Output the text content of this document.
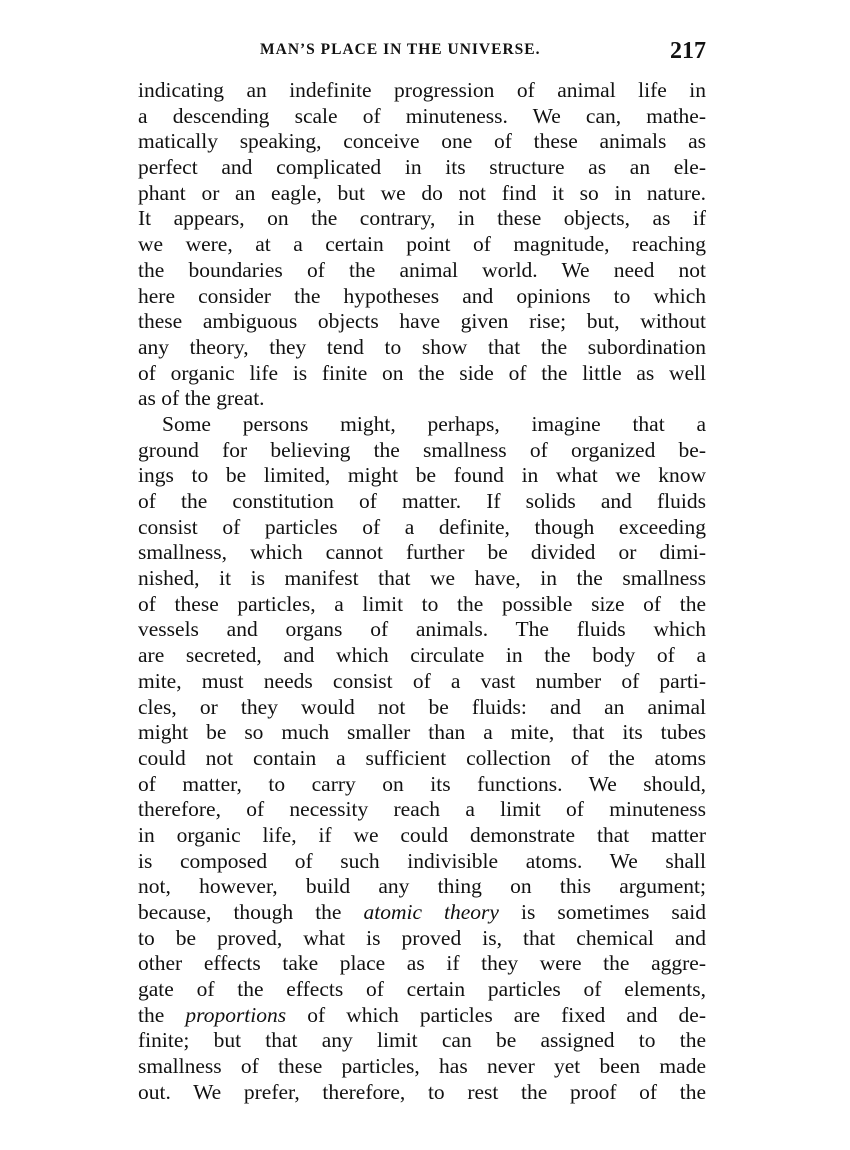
MAN’S PLACE IN THE UNIVERSE.	217
indicating an indefinite progression of animal life in
a descending scale of minuteness. We can, mathe-
matically speaking, conceive one of these animals as
perfect and complicated in its structure as an ele-
phant or an eagle, but we do not find it so in nature.
It appears, on the contrary, in these objects, as if
we were, at a certain point of magnitude, reaching
the boundaries of the animal world. We need not
here consider the hypotheses and opinions to which
these ambiguous objects have given rise; but, without
any theory, they tend to show that the subordination
of organic life is finite on the side of the little as well
as of the great.
Some persons might, perhaps, imagine that a
ground for believing the smallness of organized be-
ings to be limited, might be found in what we know
of the constitution of matter. If solids and fluids
consist of particles of a definite, though exceeding
smallness, which cannot further be divided or dimi-
nished, it is manifest that we have, in the smallness
of these particles, a limit to the possible size of the
vessels and organs of animals. The fluids which
are secreted, and which circulate in the body of a
mite, must needs consist of a vast number of parti-
cles, or they would not be fluids: and an animal
might be so much smaller than a mite, that its tubes
could not contain a sufficient collection of the atoms
of matter, to carry on its functions. We should,
therefore, of necessity reach a limit of minuteness
in organic life, if we could demonstrate that matter
is composed of such indivisible atoms. We shall
not, however, build any thing on this argument;
because, though the atomic theory is sometimes said
to be proved, what is proved is, that chemical and
other effects take place as if they were the aggre-
gate of the effects of certain particles of elements,
the proportions of which particles are fixed and de-
finite; but that any limit can be assigned to the
smallness of these particles, has never yet been made
out. We prefer, therefore, to rest the proof of the
